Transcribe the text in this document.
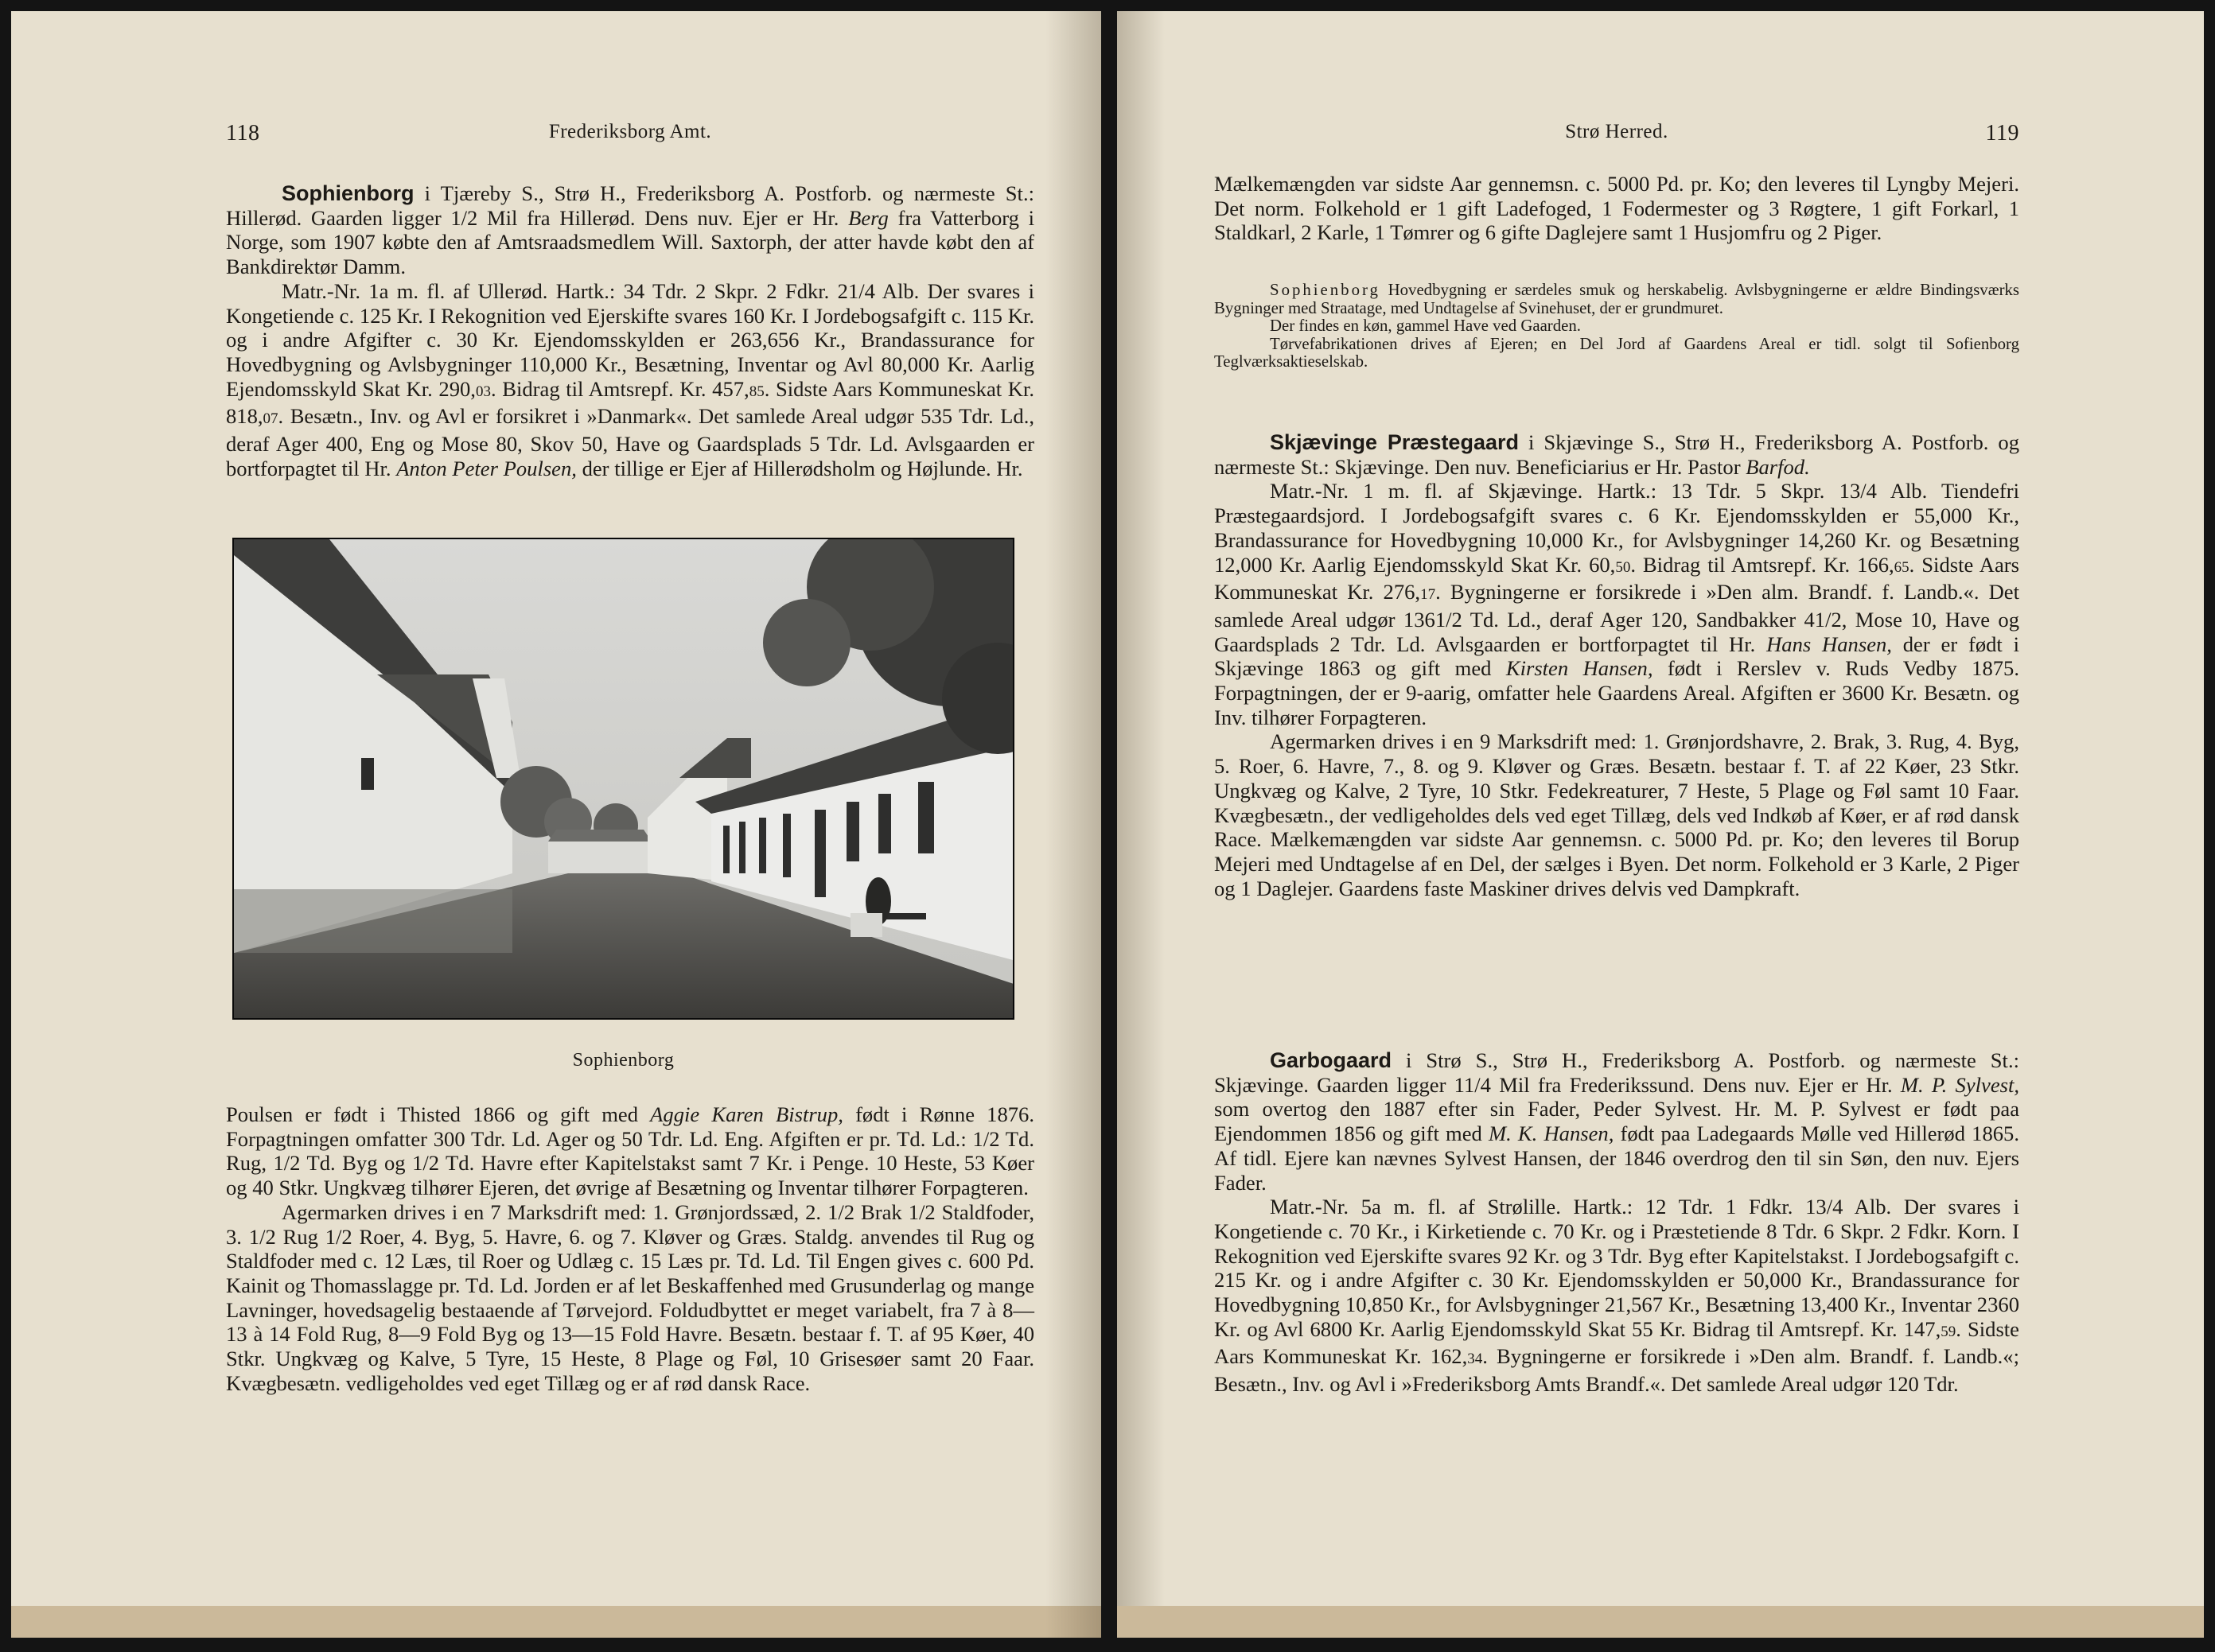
118	Frederiksborg Amt.

Sophienborg i Tjæreby S., Strø H., Frederiksborg A. Postforb. og nærmeste St.: Hillerød. Gaarden ligger 1/2 Mil fra Hillerød. Dens nuv. Ejer er Hr. Berg fra Vatterborg i Norge, som 1907 købte den af Amtsraadsmedlem Will. Saxtorph, der atter havde købt den af Bankdirektør Damm.

Matr.-Nr. 1a m. fl. af Ullerød. Hartk.: 34 Tdr. 2 Skpr. 2 Fdkr. 21/4 Alb. Der svares i Kongetiende c. 125 Kr. I Rekognition ved Ejerskifte svares 160 Kr. I Jordebogsafgift c. 115 Kr. og i andre Afgifter c. 30 Kr. Ejendomsskylden er 263,656 Kr., Brandassurance for Hovedbygning og Avlsbygninger 110,000 Kr., Besætning, Inventar og Avl 80,000 Kr. Aarlig Ejendomsskyld Skat Kr. 290,03. Bidrag til Amtsrepf. Kr. 457,85. Sidste Aars Kommuneskat Kr. 818,07. Besætn., Inv. og Avl er forsikret i »Danmark«. Det samlede Areal udgør 535 Tdr. Ld., deraf Ager 400, Eng og Mose 80, Skov 50, Have og Gaardsplads 5 Tdr. Ld. Avlsgaarden er bortforpagtet til Hr. Anton Peter Poulsen, der tillige er Ejer af Hillerødsholm og Højlunde. Hr.

Sophienborg

Poulsen er født i Thisted 1866 og gift med Aggie Karen Bistrup, født i Rønne 1876. Forpagtningen omfatter 300 Tdr. Ld. Ager og 50 Tdr. Ld. Eng. Afgiften er pr. Td. Ld.: 1/2 Td. Rug, 1/2 Td. Byg og 1/2 Td. Havre efter Kapitelstakst samt 7 Kr. i Penge. 10 Heste, 53 Køer og 40 Stkr. Ungkvæg tilhører Ejeren, det øvrige af Besætning og Inventar tilhører Forpagteren.

Agermarken drives i en 7 Marksdrift med: 1. Grønjordssæd, 2. 1/2 Brak 1/2 Staldfoder, 3. 1/2 Rug 1/2 Roer, 4. Byg, 5. Havre, 6. og 7. Kløver og Græs. Staldg. anvendes til Rug og Staldfoder med c. 12 Læs, til Roer og Udlæg c. 15 Læs pr. Td. Ld. Til Engen gives c. 600 Pd. Kainit og Thomasslagge pr. Td. Ld. Jorden er af let Beskaffenhed med Grusunderlag og mange Lavninger, hovedsagelig bestaaende af Tørvejord. Foldudbyttet er meget variabelt, fra 7 à 8—13 à 14 Fold Rug, 8—9 Fold Byg og 13—15 Fold Havre. Besætn. bestaar f. T. af 95 Køer, 40 Stkr. Ungkvæg og Kalve, 5 Tyre, 15 Heste, 8 Plage og Føl, 10 Grisesøer samt 20 Faar. Kvægbesætn. vedligeholdes ved eget Tillæg og er af rød dansk Race.

Strø Herred.	119

Mælkemængden var sidste Aar gennemsn. c. 5000 Pd. pr. Ko; den leveres til Lyngby Mejeri. Det norm. Folkehold er 1 gift Ladefoged, 1 Fodermester og 3 Røgtere, 1 gift Forkarl, 1 Staldkarl, 2 Karle, 1 Tømrer og 6 gifte Daglejere samt 1 Husjomfru og 2 Piger.

Sophienborg Hovedbygning er særdeles smuk og herskabelig. Avlsbygningerne er ældre Bindingsværks Bygninger med Straatage, med Undtagelse af Svinehuset, der er grundmuret.

Der findes en køn, gammel Have ved Gaarden.

Tørvefabrikationen drives af Ejeren; en Del Jord af Gaardens Areal er tidl. solgt til Sofienborg Teglværksaktieselskab.

Skjævinge Præstegaard i Skjævinge S., Strø H., Frederiksborg A. Postforb. og nærmeste St.: Skjævinge. Den nuv. Beneficiarius er Hr. Pastor Barfod.

Matr.-Nr. 1 m. fl. af Skjævinge. Hartk.: 13 Tdr. 5 Skpr. 13/4 Alb. Tiendefri Præstegaardsjord. I Jordebogsafgift svares c. 6 Kr. Ejendomsskylden er 55,000 Kr., Brandassurance for Hovedbygning 10,000 Kr., for Avlsbygninger 14,260 Kr. og Besætning 12,000 Kr. Aarlig Ejendomsskyld Skat Kr. 60,50. Bidrag til Amtsrepf. Kr. 166,65. Sidste Aars Kommuneskat Kr. 276,17. Bygningerne er forsikrede i »Den alm. Brandf. f. Landb.«. Det samlede Areal udgør 1361/2 Td. Ld., deraf Ager 120, Sandbakker 41/2, Mose 10, Have og Gaardsplads 2 Tdr. Ld. Avlsgaarden er bortforpagtet til Hr. Hans Hansen, der er født i Skjævinge 1863 og gift med Kirsten Hansen, født i Rerslev v. Ruds Vedby 1875. Forpagtningen, der er 9-aarig, omfatter hele Gaardens Areal. Afgiften er 3600 Kr. Besætn. og Inv. tilhører Forpagteren.

Agermarken drives i en 9 Marksdrift med: 1. Grønjordshavre, 2. Brak, 3. Rug, 4. Byg, 5. Roer, 6. Havre, 7., 8. og 9. Kløver og Græs. Besætn. bestaar f. T. af 22 Køer, 23 Stkr. Ungkvæg og Kalve, 2 Tyre, 10 Stkr. Fedekreaturer, 7 Heste, 5 Plage og Føl samt 10 Faar. Kvægbesætn., der vedligeholdes dels ved eget Tillæg, dels ved Indkøb af Køer, er af rød dansk Race. Mælkemængden var sidste Aar gennemsn. c. 5000 Pd. pr. Ko; den leveres til Borup Mejeri med Undtagelse af en Del, der sælges i Byen. Det norm. Folkehold er 3 Karle, 2 Piger og 1 Daglejer. Gaardens faste Maskiner drives delvis ved Dampkraft.

Garbogaard i Strø S., Strø H., Frederiksborg A. Postforb. og nærmeste St.: Skjævinge. Gaarden ligger 11/4 Mil fra Frederikssund. Dens nuv. Ejer er Hr. M. P. Sylvest, som overtog den 1887 efter sin Fader, Peder Sylvest. Hr. M. P. Sylvest er født paa Ejendommen 1856 og gift med M. K. Hansen, født paa Ladegaards Mølle ved Hillerød 1865. Af tidl. Ejere kan nævnes Sylvest Hansen, der 1846 overdrog den til sin Søn, den nuv. Ejers Fader.

Matr.-Nr. 5a m. fl. af Strølille. Hartk.: 12 Tdr. 1 Fdkr. 13/4 Alb. Der svares i Kongetiende c. 70 Kr., i Kirketiende c. 70 Kr. og i Præstetiende 8 Tdr. 6 Skpr. 2 Fdkr. Korn. I Rekognition ved Ejerskifte svares 92 Kr. og 3 Tdr. Byg efter Kapitelstakst. I Jordebogsafgift c. 215 Kr. og i andre Afgifter c. 30 Kr. Ejendomsskylden er 50,000 Kr., Brandassurance for Hovedbygning 10,850 Kr., for Avlsbygninger 21,567 Kr., Besætning 13,400 Kr., Inventar 2360 Kr. og Avl 6800 Kr. Aarlig Ejendomsskyld Skat 55 Kr. Bidrag til Amtsrepf. Kr. 147,59. Sidste Aars Kommuneskat Kr. 162,34. Bygningerne er forsikrede i »Den alm. Brandf. f. Landb.«; Besætn., Inv. og Avl i »Frederiksborg Amts Brandf.«. Det samlede Areal udgør 120 Tdr.
